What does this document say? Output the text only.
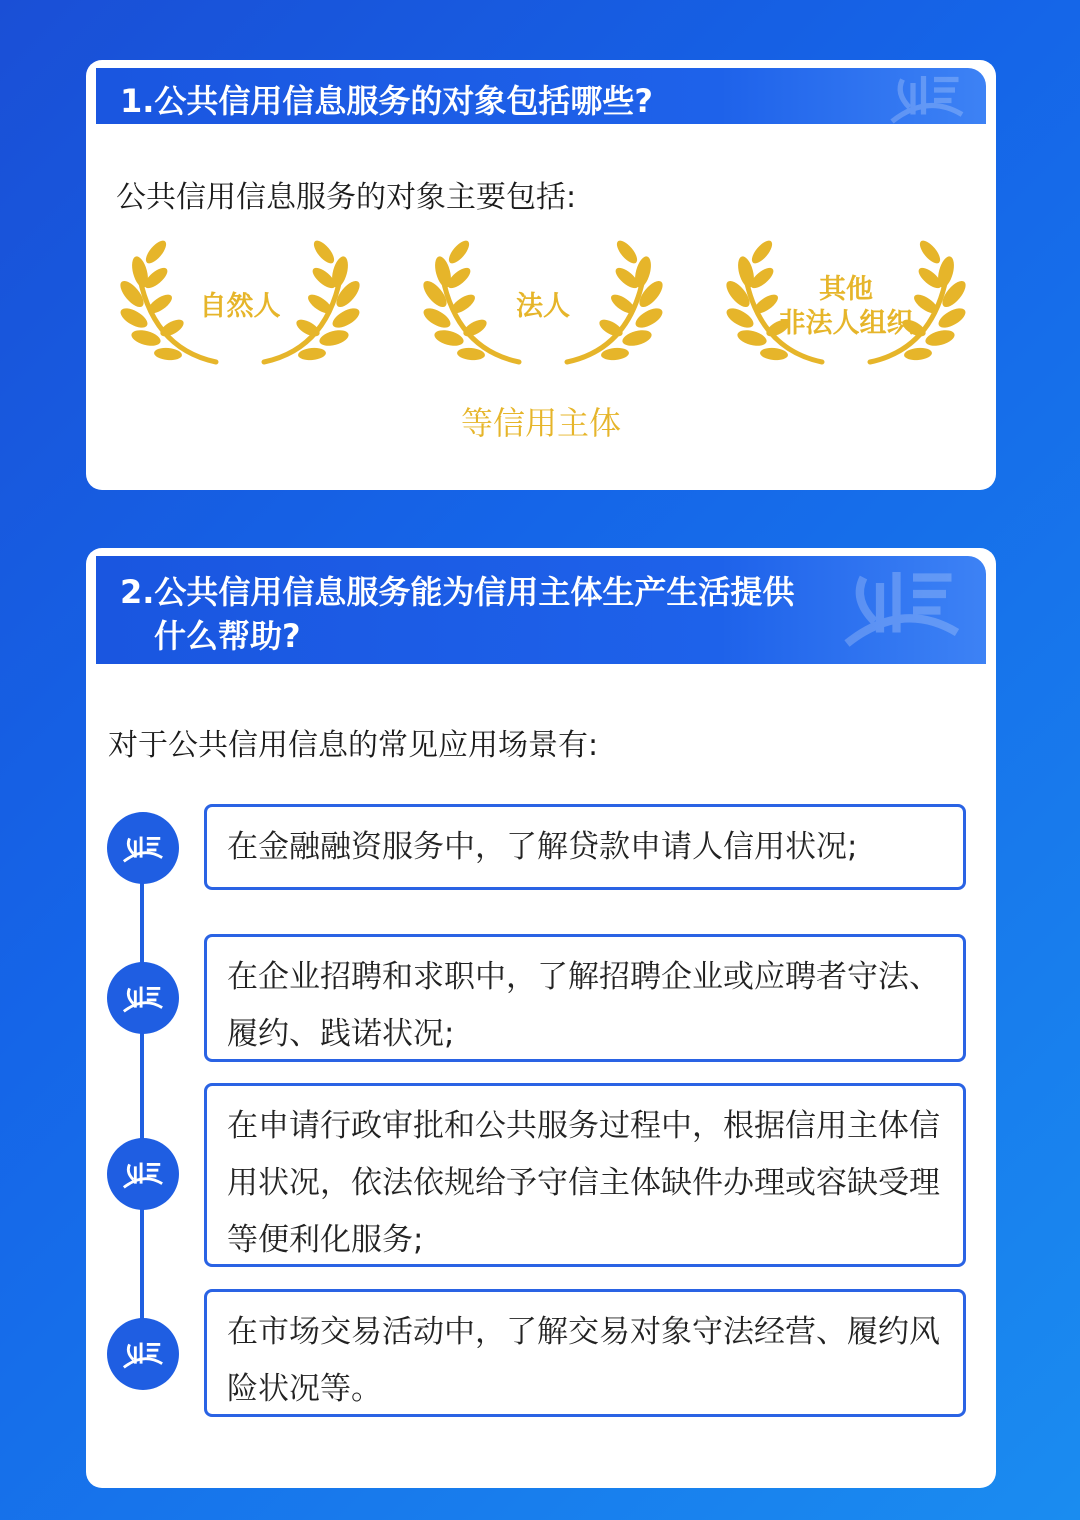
1.公共信用信息服务的对象包括哪些?
公共信用信息服务的对象主要包括:
自然人	法人
其他
非法人组织
等信用主体
2.公共信用信息服务能为信用主体生产生活提供
什么帮助?
对于公共信用信息的常见应用场景有:
在金融融资服务中，了解贷款申请人信用状况;
在企业招聘和求职中，了解招聘企业或应聘者守法、履约、践诺状况;
在申请行政审批和公共服务过程中，根据信用主体信用状况，依法依规给予守信主体缺件办理或容缺受理等便利化服务;
在市场交易活动中，了解交易对象守法经营、履约风险状况等。
